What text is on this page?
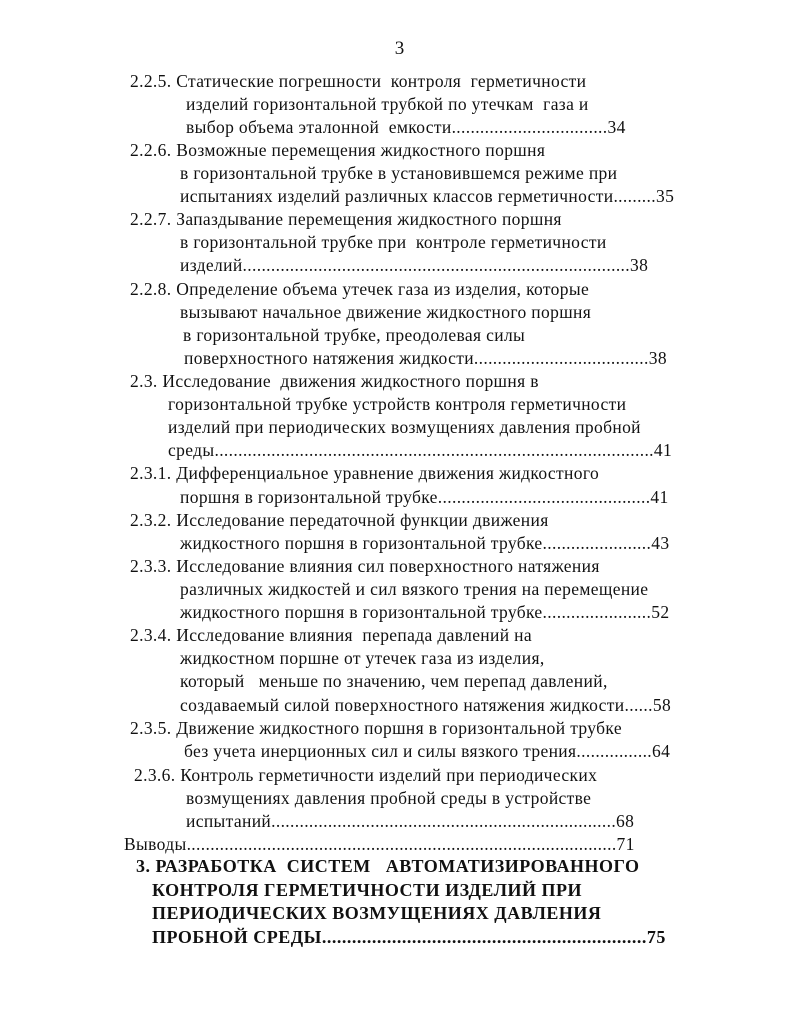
3
2.2.5. Статические погрешности  контроля  герметичности
изделий горизонтальной трубкой по утечкам  газа и
выбор объема эталонной  емкости.................................34
2.2.6. Возможные перемещения жидкостного поршня
в горизонтальной трубке в установившемся режиме при
испытаниях изделий различных классов герметичности.........35
2.2.7. Запаздывание перемещения жидкостного поршня
в горизонтальной трубке при  контроле герметичности
изделий..................................................................................38
2.2.8. Определение объема утечек газа из изделия, которые
вызывают начальное движение жидкостного поршня
в горизонтальной трубке, преодолевая силы
поверхностного натяжения жидкости.....................................38
2.3. Исследование  движения жидкостного поршня в
горизонтальной трубке устройств контроля герметичности
изделий при периодических возмущениях давления пробной
среды.............................................................................................41
2.3.1. Дифференциальное уравнение движения жидкостного
поршня в горизонтальной трубке.............................................41
2.3.2. Исследование передаточной функции движения
жидкостного поршня в горизонтальной трубке.......................43
2.3.3. Исследование влияния сил поверхностного натяжения
различных жидкостей и сил вязкого трения на перемещение
жидкостного поршня в горизонтальной трубке.......................52
2.3.4. Исследование влияния  перепада давлений на
жидкостном поршне от утечек газа из изделия,
который   меньше по значению, чем перепад давлений,
создаваемый силой поверхностного натяжения жидкости......58
2.3.5. Движение жидкостного поршня в горизонтальной трубке
без учета инерционных сил и силы вязкого трения................64
2.3.6. Контроль герметичности изделий при периодических
возмущениях давления пробной среды в устройстве
испытаний.........................................................................68
Выводы...........................................................................................71
3. РАЗРАБОТКА  СИСТЕМ   АВТОМАТИЗИРОВАННОГО
КОНТРОЛЯ ГЕРМЕТИЧНОСТИ ИЗДЕЛИЙ ПРИ
ПЕРИОДИЧЕСКИХ ВОЗМУЩЕНИЯХ ДАВЛЕНИЯ
ПРОБНОЙ СРЕДЫ.................................................................75
